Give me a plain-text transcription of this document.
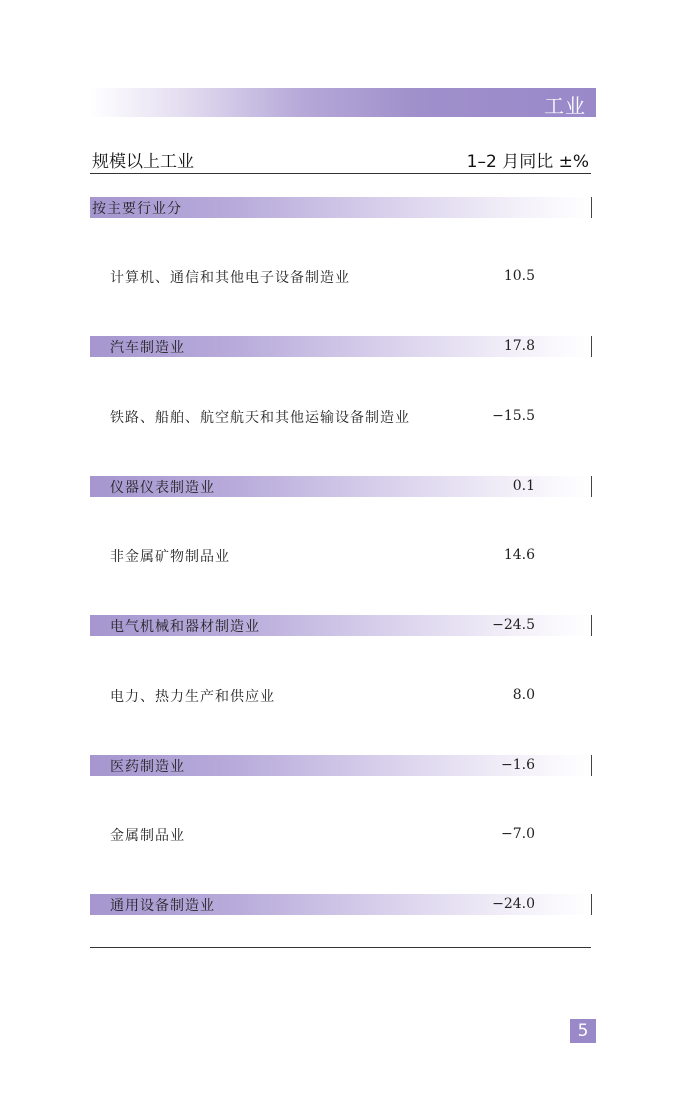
工业
规模以上工业	1–2 月同比 ±%
按主要行业分
计算机、通信和其他电子设备制造业	10.5
汽车制造业	17.8
铁路、船舶、航空航天和其他运输设备制造业	−15.5
仪器仪表制造业	0.1
非金属矿物制品业	14.6
电气机械和器材制造业	−24.5
电力、热力生产和供应业	8.0
医药制造业	−1.6
金属制品业	−7.0
通用设备制造业	−24.0
5
